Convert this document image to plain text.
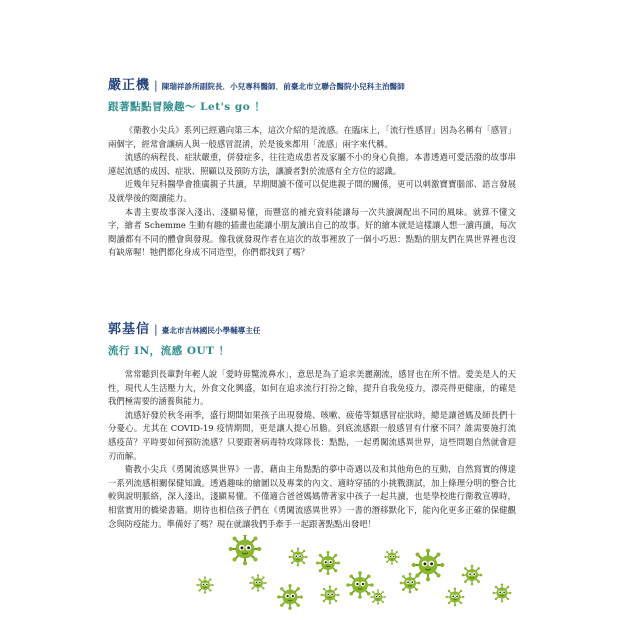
嚴正機 | 陳瑞祥診所副院長．小兒專科醫師．前臺北市立聯合醫院小兒科主治醫師
跟著點點冒險趣～ Let's go ！

《衛教小尖兵》系列已經邁向第三本，這次介紹的是流感。在臨床上，「流行性感冒」因為名稱有「感冒」兩個字，經常會讓病人與一般感冒混淆，於是後來都用「流感」兩字來代稱。

流感的病程長、症狀嚴重，併發症多，往往造成患者及家屬不小的身心負擔。本書透過可愛活潑的故事串連起流感的成因、症狀、照顧以及預防方法，讓讀者對於流感有全方位的認識。

近幾年兒科醫學會推廣親子共讀，早期閱讀不僅可以促進親子間的關係，更可以刺激寶寶腦部、語言發展及就學後的閱讀能力。

本書主要故事深入淺出、淺顯易懂，而豐富的補充資料能讓每一次共讀調配出不同的風味。就算不懂文字，繪者 Schemme 生動有趣的插畫也能讓小朋友讀出自己的故事。好的繪本就是這樣讓人想一讀再讀，每次閱讀都有不同的體會與發現。像我就發現作者在這次的故事裡放了一個小巧思：點點的朋友們在異世界裡也沒有缺席喔！牠們都化身成不同造型，你們都找到了嗎？

郭基信 | 臺北市吉林國民小學輔導主任
流行 IN，流感 OUT ！

常常聽到長輩對年輕人說「愛時毋驚流鼻水」，意思是為了追求美麗潮流，感冒也在所不惜。愛美是人的天性，現代人生活壓力大，外食文化興盛，如何在追求流行打扮之餘，提升自我免疫力，漂亮得更健康，的確是我們極需要的涵養與能力。

流感好發於秋冬兩季，盛行期間如果孩子出現發燒、咳嗽、疲倦等類感冒症狀時，總是讓爸媽及師長們十分憂心。尤其在 COVID-19 疫情期間，更是讓人提心吊膽。到底流感跟一般感冒有什麼不同？誰需要施打流感疫苗？平時要如何預防流感？只要跟著病毒特攻隊隊長：點點，一起勇闖流感異世界，這些問題自然就會迎刃而解。

衛教小尖兵《勇闖流感異世界》一書，藉由主角點點的夢中奇遇以及和其他角色的互動，自然寫實的傳達一系列流感相關保健知識。透過趣味的繪圖以及專業的內文、適時穿插的小挑戰測試，加上條理分明的整合比較與說明脈絡，深入淺出，淺顯易懂。不僅適合爸爸媽媽帶著家中孩子一起共讀，也是學校進行衛教宣導時，相當實用的橋梁書籍。期待也相信孩子們在《勇闖流感異世界》一書的潛移默化下，能內化更多正確的保健觀念與防疫能力。準備好了嗎？現在就讓我們手牽手一起跟著點點出發吧！
